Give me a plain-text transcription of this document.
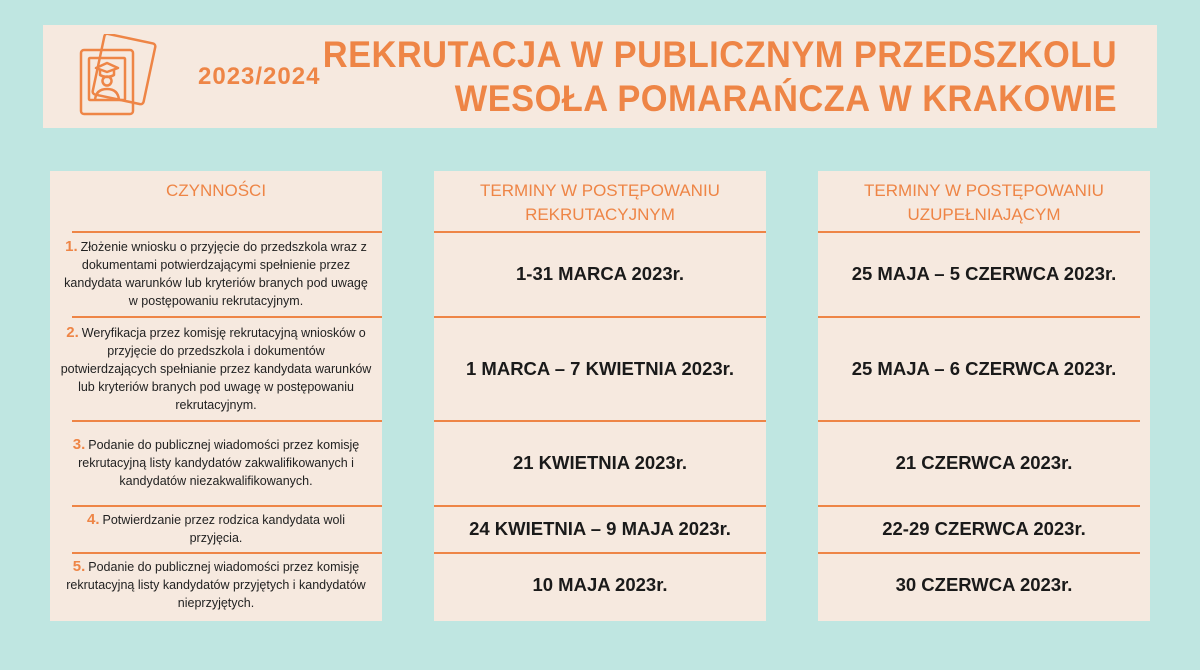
2023/2024
REKRUTACJA W PUBLICZNYM PRZEDSZKOLU
WESOŁA POMARAŃCZA W KRAKOWIE
CZYNNOŚCI
1. Złożenie wniosku o przyjęcie do przedszkola wraz z dokumentami potwierdzającymi spełnienie przez kandydata warunków lub kryteriów branych pod uwagę w postępowaniu rekrutacyjnym.
2. Weryfikacja przez komisję rekrutacyjną wniosków o przyjęcie do przedszkola i dokumentów potwierdzających spełnianie przez kandydata warunków lub kryteriów branych pod uwagę w postępowaniu rekrutacyjnym.
3. Podanie do publicznej wiadomości przez komisję rekrutacyjną listy kandydatów zakwalifikowanych i kandydatów niezakwalifikowanych.
4. Potwierdzanie przez rodzica kandydata woli przyjęcia.
5. Podanie do publicznej wiadomości przez komisję rekrutacyjną listy kandydatów przyjętych i kandydatów nieprzyjętych.
TERMINY W POSTĘPOWANIU
REKRUTACYJNYM
1-31 MARCA 2023r.
1 MARCA – 7 KWIETNIA 2023r.
21 KWIETNIA 2023r.
24 KWIETNIA – 9 MAJA 2023r.
10 MAJA 2023r.
TERMINY W POSTĘPOWANIU
UZUPEŁNIAJĄCYM
25 MAJA – 5 CZERWCA 2023r.
25 MAJA – 6 CZERWCA 2023r.
21 CZERWCA 2023r.
22-29 CZERWCA 2023r.
30 CZERWCA 2023r.
